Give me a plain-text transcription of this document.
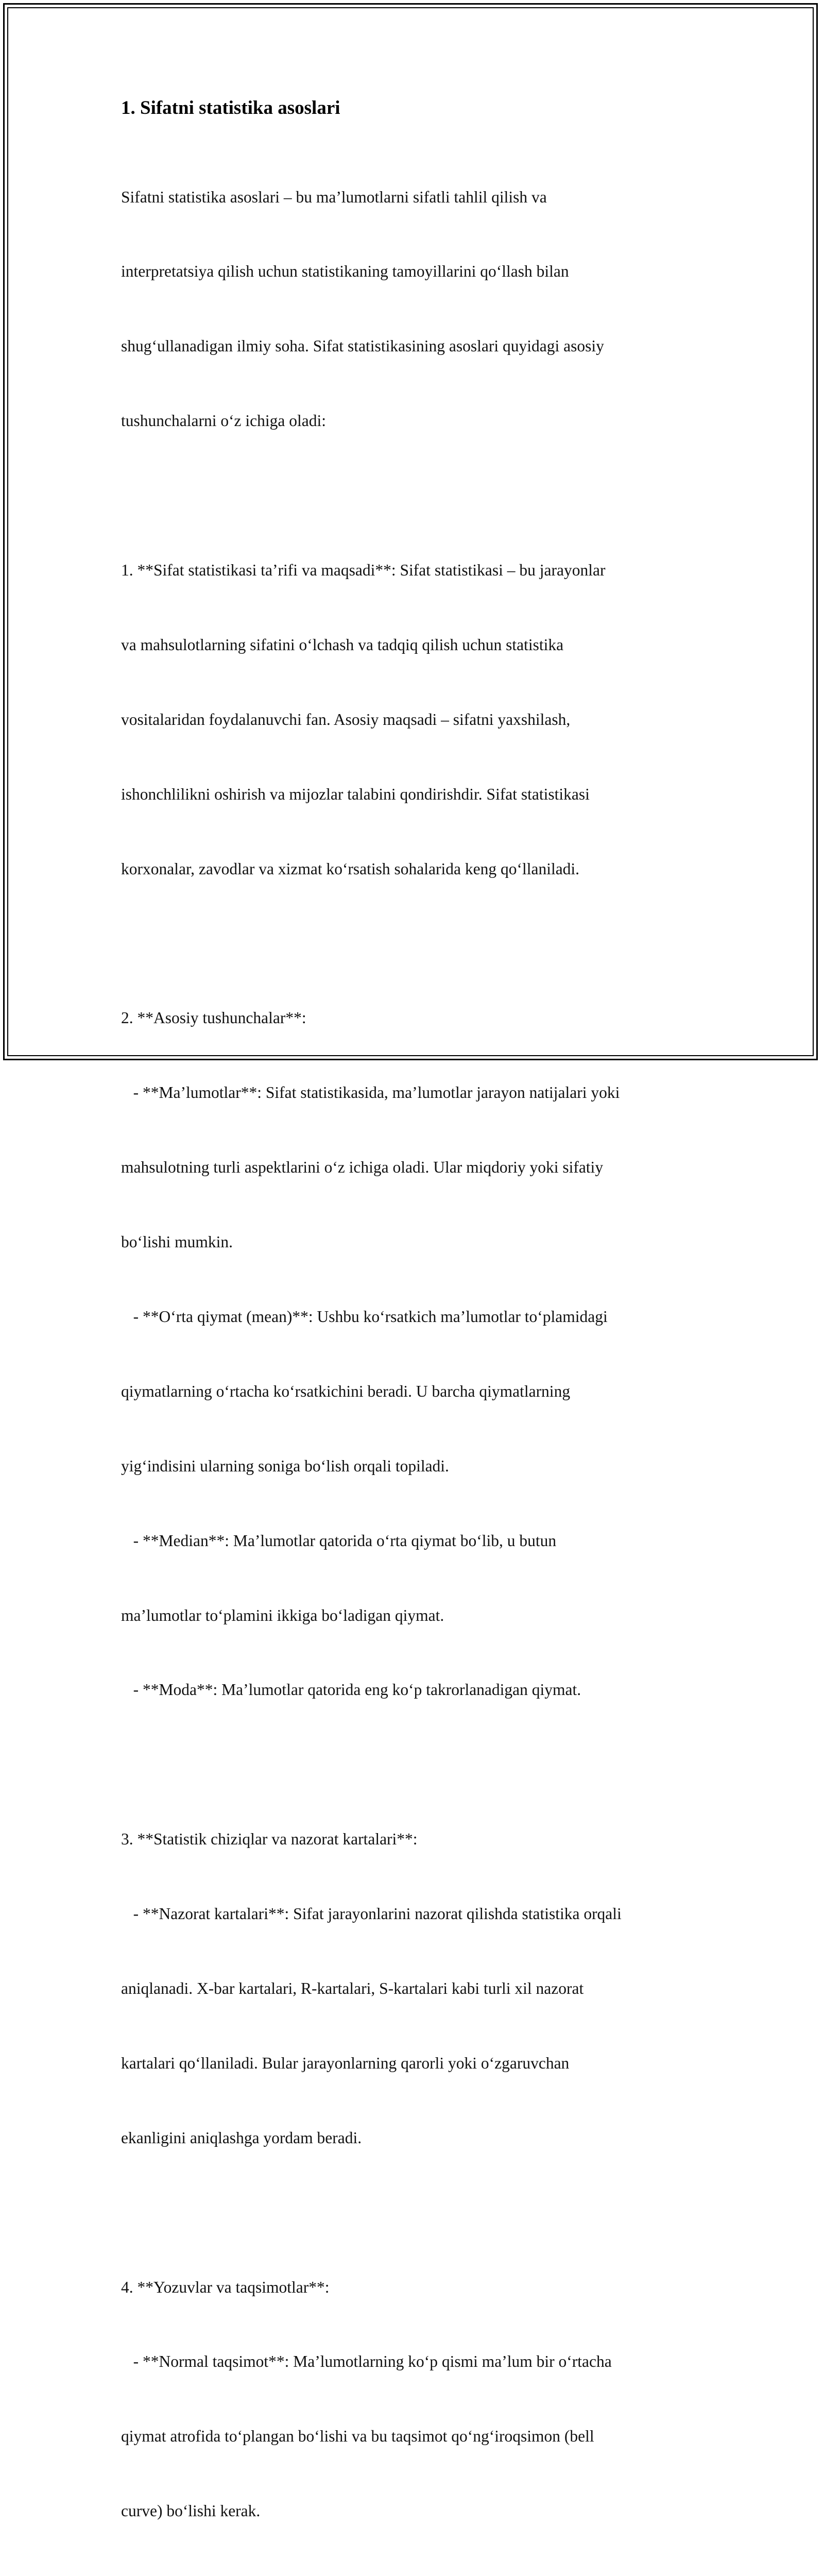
1. Sifatni statistika asoslari

Sifatni statistika asoslari – bu ma’lumotlarni sifatli tahlil qilish va

interpretatsiya qilish uchun statistikaning tamoyillarini qo‘llash bilan

shug‘ullanadigan ilmiy soha. Sifat statistikasining asoslari quyidagi asosiy

tushunchalarni o‘z ichiga oladi:

1. **Sifat statistikasi ta’rifi va maqsadi**: Sifat statistikasi – bu jarayonlar

va mahsulotlarning sifatini o‘lchash va tadqiq qilish uchun statistika

vositalaridan foydalanuvchi fan. Asosiy maqsadi – sifatni yaxshilash,

ishonchlilikni oshirish va mijozlar talabini qondirishdir. Sifat statistikasi

korxonalar, zavodlar va xizmat ko‘rsatish sohalarida keng qo‘llaniladi.

2. **Asosiy tushunchalar**:

- **Ma’lumotlar**: Sifat statistikasida, ma’lumotlar jarayon natijalari yoki

mahsulotning turli aspektlarini o‘z ichiga oladi. Ular miqdoriy yoki sifatiy

bo‘lishi mumkin.

- **O‘rta qiymat (mean)**: Ushbu ko‘rsatkich ma’lumotlar to‘plamidagi

qiymatlarning o‘rtacha ko‘rsatkichini beradi. U barcha qiymatlarning

yig‘indisini ularning soniga bo‘lish orqali topiladi.

- **Median**: Ma’lumotlar qatorida o‘rta qiymat bo‘lib, u butun

ma’lumotlar to‘plamini ikkiga bo‘ladigan qiymat.

- **Moda**: Ma’lumotlar qatorida eng ko‘p takrorlanadigan qiymat.

3. **Statistik chiziqlar va nazorat kartalari**:

- **Nazorat kartalari**: Sifat jarayonlarini nazorat qilishda statistika orqali

aniqlanadi. X-bar kartalari, R-kartalari, S-kartalari kabi turli xil nazorat

kartalari qo‘llaniladi. Bular jarayonlarning qarorli yoki o‘zgaruvchan

ekanligini aniqlashga yordam beradi.

4. **Yozuvlar va taqsimotlar**:

- **Normal taqsimot**: Ma’lumotlarning ko‘p qismi ma’lum bir o‘rtacha

qiymat atrofida to‘plangan bo‘lishi va bu taqsimot qo‘ng‘iroqsimon (bell

curve) bo‘lishi kerak.
